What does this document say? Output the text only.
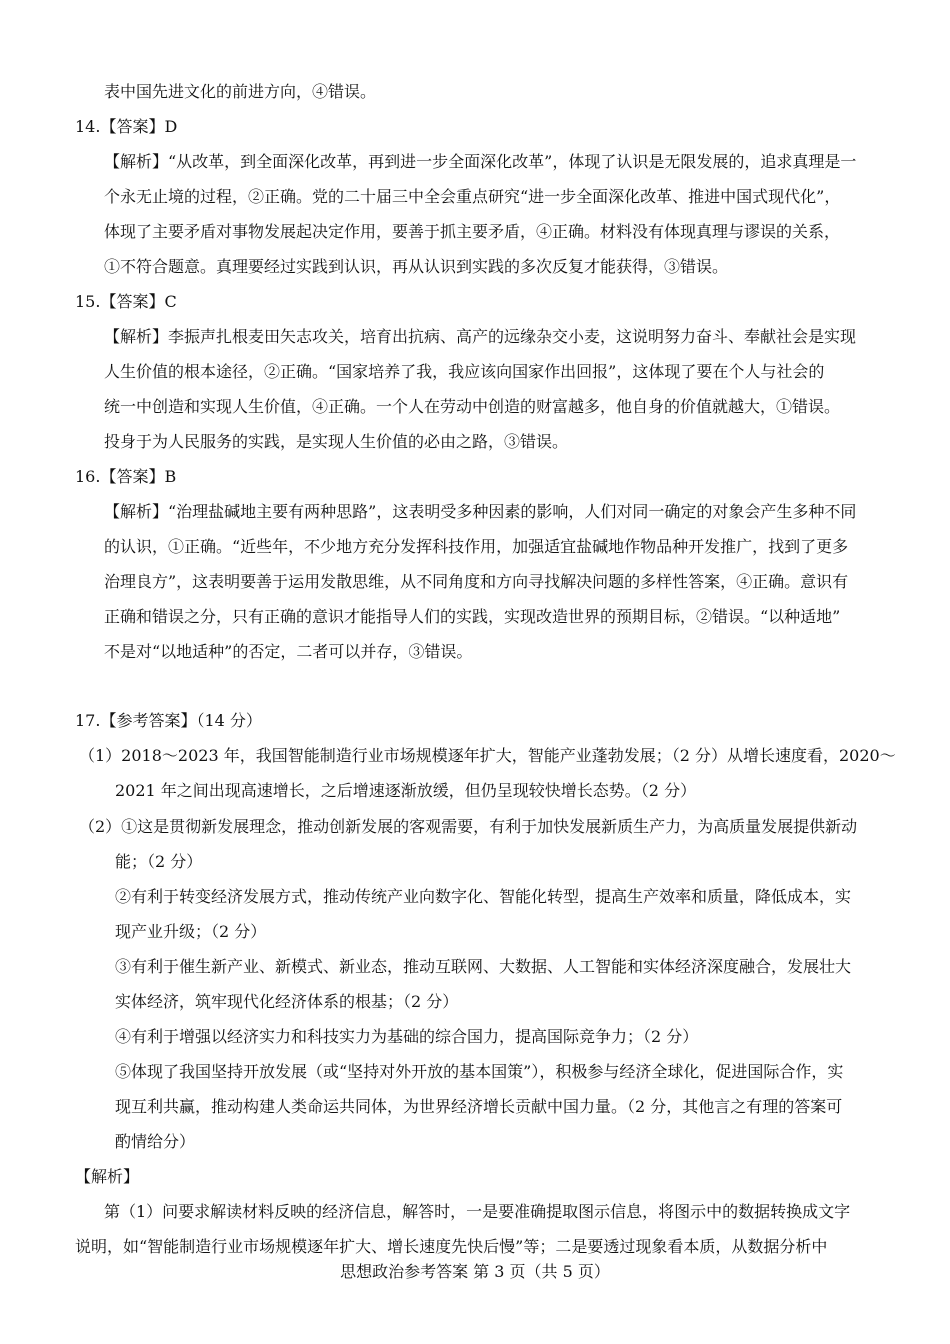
表中国先进文化的前进方向，④错误。
14.【答案】D
【解析】“从改革，到全面深化改革，再到进一步全面深化改革”，体现了认识是无限发展的，追求真理是一
个永无止境的过程，②正确。党的二十届三中全会重点研究“进一步全面深化改革、推进中国式现代化”，
体现了主要矛盾对事物发展起决定作用，要善于抓主要矛盾，④正确。材料没有体现真理与谬误的关系，
①不符合题意。真理要经过实践到认识，再从认识到实践的多次反复才能获得，③错误。
15.【答案】C
【解析】李振声扎根麦田矢志攻关，培育出抗病、高产的远缘杂交小麦，这说明努力奋斗、奉献社会是实现
人生价值的根本途径，②正确。“国家培养了我，我应该向国家作出回报”，这体现了要在个人与社会的
统一中创造和实现人生价值，④正确。一个人在劳动中创造的财富越多，他自身的价值就越大，①错误。
投身于为人民服务的实践，是实现人生价值的必由之路，③错误。
16.【答案】B
【解析】“治理盐碱地主要有两种思路”，这表明受多种因素的影响，人们对同一确定的对象会产生多种不同
的认识，①正确。“近些年，不少地方充分发挥科技作用，加强适宜盐碱地作物品种开发推广，找到了更多
治理良方”，这表明要善于运用发散思维，从不同角度和方向寻找解决问题的多样性答案，④正确。意识有
正确和错误之分，只有正确的意识才能指导人们的实践，实现改造世界的预期目标，②错误。“以种适地”
不是对“以地适种”的否定，二者可以并存，③错误。
17.【参考答案】（14 分）
（1）2018～2023 年，我国智能制造行业市场规模逐年扩大，智能产业蓬勃发展；（2 分）从增长速度看，2020～
2021 年之间出现高速增长，之后增速逐渐放缓，但仍呈现较快增长态势。（2 分）
（2）①这是贯彻新发展理念，推动创新发展的客观需要，有利于加快发展新质生产力，为高质量发展提供新动
能；（2 分）
②有利于转变经济发展方式，推动传统产业向数字化、智能化转型，提高生产效率和质量，降低成本，实
现产业升级；（2 分）
③有利于催生新产业、新模式、新业态，推动互联网、大数据、人工智能和实体经济深度融合，发展壮大
实体经济，筑牢现代化经济体系的根基；（2 分）
④有利于增强以经济实力和科技实力为基础的综合国力，提高国际竞争力；（2 分）
⑤体现了我国坚持开放发展（或“坚持对外开放的基本国策”），积极参与经济全球化，促进国际合作，实
现互利共赢，推动构建人类命运共同体，为世界经济增长贡献中国力量。（2 分，其他言之有理的答案可
酌情给分）
【解析】
第（1）问要求解读材料反映的经济信息，解答时，一是要准确提取图示信息，将图示中的数据转换成文字
说明，如“智能制造行业市场规模逐年扩大、增长速度先快后慢”等；二是要透过现象看本质，从数据分析中
思想政治参考答案 第 3 页（共 5 页）
